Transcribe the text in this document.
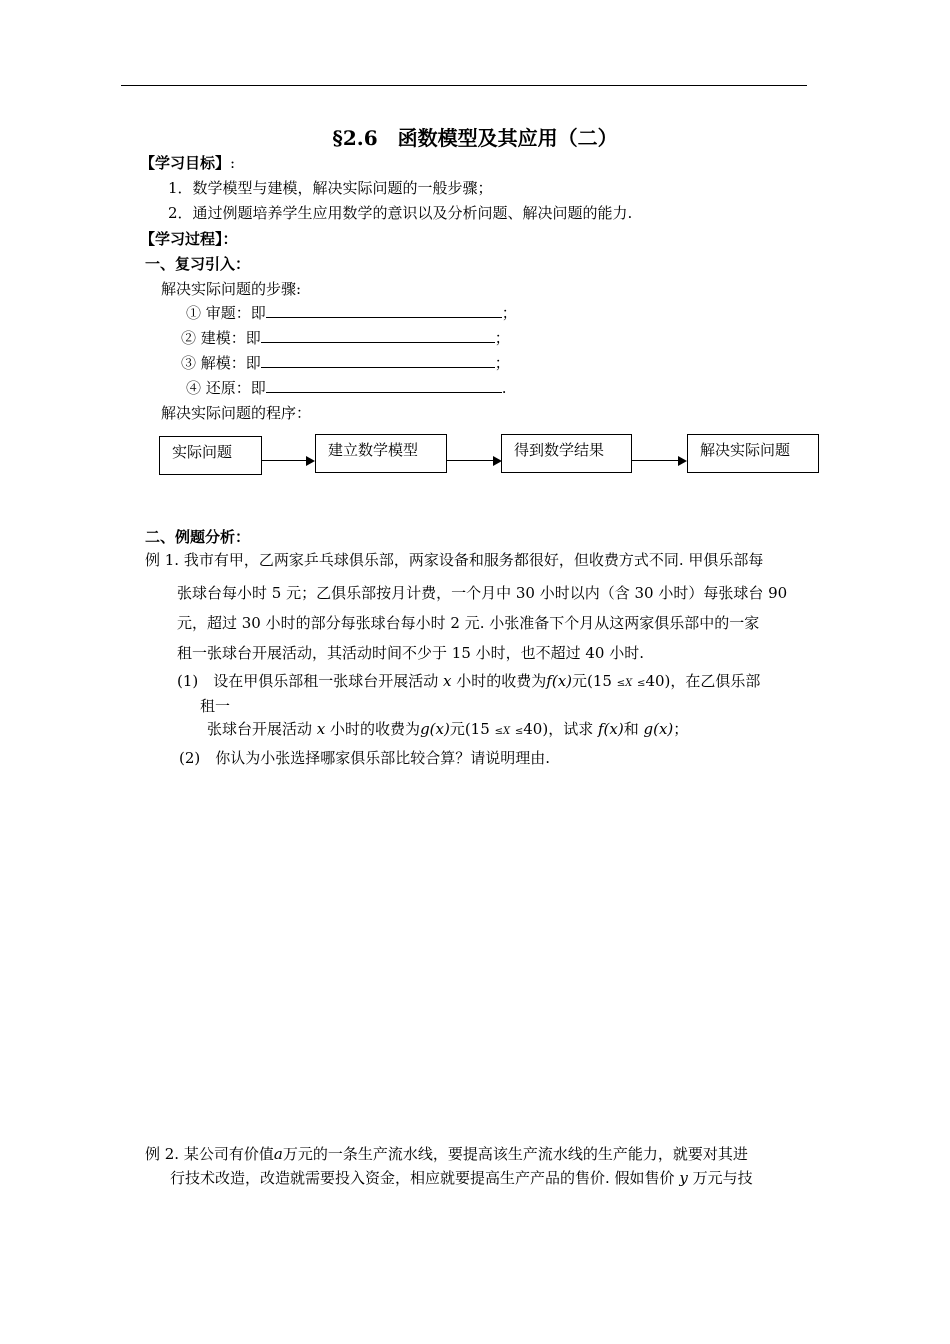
§2.6　函数模型及其应用（二）
【学习目标】:
1．数学模型与建模，解决实际问题的一般步骤；
2．通过例题培养学生应用数学的意识以及分析问题、解决问题的能力.
【学习过程】：
一、复习引入：
解决实际问题的步骤:
① 审题：即	；
② 建模：即	；
③ 解模：即	；
④ 还原：即	.
解决实际问题的程序：
实际问题	建立数学模型	得到数学结果	解决实际问题
二、例题分析：
例 1. 我市有甲，乙两家乒乓球俱乐部，两家设备和服务都很好，但收费方式不同. 甲俱乐部每
张球台每小时 5 元；乙俱乐部按月计费，一个月中 30 小时以内（含 30 小时）每张球台 90
元，超过 30 小时的部分每张球台每小时 2 元. 小张准备下个月从这两家俱乐部中的一家
租一张球台开展活动，其活动时间不少于 15 小时，也不超过 40 小时.
(1)　设在甲俱乐部租一张球台开展活动 x 小时的收费为f(x)元(15 ≤X ≤40)，在乙俱乐部
租一
张球台开展活动 x 小时的收费为g(x)元(15 ≤X ≤40)，试求 f(x)和 g(x)；
(2)　你认为小张选择哪家俱乐部比较合算？请说明理由.
例 2. 某公司有价值a万元的一条生产流水线，要提高该生产流水线的生产能力，就要对其进
行技术改造，改造就需要投入资金，相应就要提高生产产品的售价. 假如售价 y 万元与技
